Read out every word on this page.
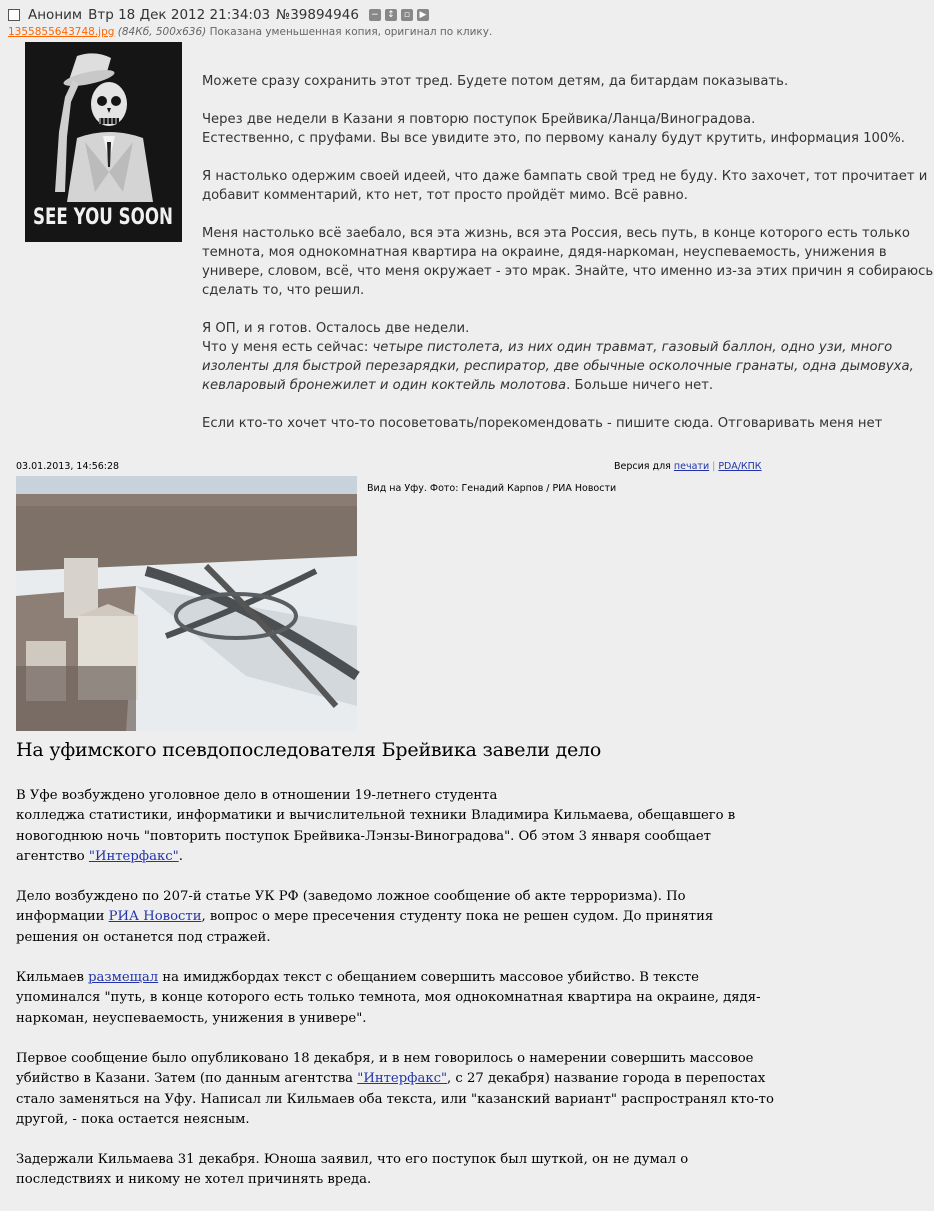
Аноним Втр 18 Дек 2012 21:34:03 №39894946 − ↕	▫	▶
1355855643748.jpg (84Кб, 500x636) Показана уменьшенная копия, оригинал по клику.
SEE YOU SOON

Можете сразу сохранить этот тред. Будете потом детям, да битардам показывать.

Через две недели в Казани я повторю поступок Брейвика/Ланца/Виноградова.
Естественно, с пруфами. Вы все увидите это, по первому каналу будут крутить, информация 100%.

Я настолько одержим своей идеей, что даже бампать свой тред не буду. Кто захочет, тот прочитает и добавит комментарий, кто нет, тот просто пройдёт мимо. Всё равно.

Меня настолько всё заебало, вся эта жизнь, вся эта Россия, весь путь, в конце которого есть только темнота, моя однокомнатная квартира на окраине, дядя-наркоман, неуспеваемость, унижения в универе, словом, всё, что меня окружает - это мрак. Знайте, что именно из-за этих причин я собираюсь сделать то, что решил.

Я ОП, и я готов. Осталось две недели.
Что у меня есть сейчас: четыре пистолета, из них один травмат, газовый баллон, одно узи, много изоленты для быстрой перезарядки, респиратор, две обычные осколочные гранаты, одна дымовуха, кевларовый бронежилет и один коктейль молотова. Больше ничего нет.

Если кто-то хочет что-то посоветовать/порекомендовать - пишите сюда. Отговаривать меня нет

03.01.2013, 14:56:28	Версия для печати | PDA/КПК
Вид на Уфу. Фото: Генадий Карпов / РИА Новости
На уфимского псевдопоследователя Брейвика завели дело

В Уфе возбуждено уголовное дело в отношении 19-летнего студента
колледжа статистики, информатики и вычислительной техники Владимира Кильмаева, обещавшего в новогоднюю ночь "повторить поступок Брейвика-Лэнзы-Виноградова". Об этом 3 января сообщает агентство "Интерфакс".

Дело возбуждено по 207-й статье УК РФ (заведомо ложное сообщение об акте терроризма). По информации РИА Новости, вопрос о мере пресечения студенту пока не решен судом. До принятия решения он останется под стражей.

Кильмаев размещал на имиджбордах текст с обещанием совершить массовое убийство. В тексте упоминался "путь, в конце которого есть только темнота, моя однокомнатная квартира на окраине, дядя-наркоман, неуспеваемость, унижения в универе".

Первое сообщение было опубликовано 18 декабря, и в нем говорилось о намерении совершить массовое убийство в Казани. Затем (по данным агентства "Интерфакс", с 27 декабря) название города в перепостах стало заменяться на Уфу. Написал ли Кильмаев оба текста, или "казанский вариант" распространял кто-то другой, - пока остается неясным.

Задержали Кильмаева 31 декабря. Юноша заявил, что его поступок был шуткой, он не думал о последствиях и никому не хотел причинять вреда.
